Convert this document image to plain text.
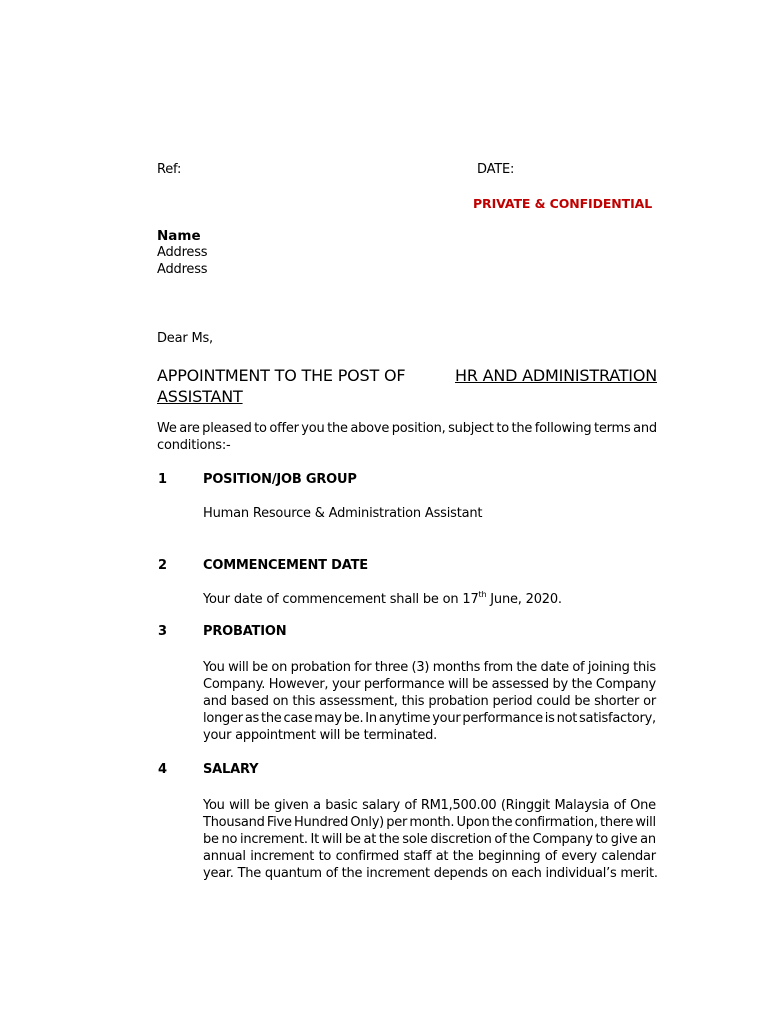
Ref:	DATE:
PRIVATE & CONFIDENTIAL
Name
Address
Address
Dear Ms,
APPOINTMENT TO THE POST OF	HR AND ADMINISTRATION
ASSISTANT
We are pleased to offer you the above position, subject to the following terms and
conditions:-
1	POSITION/JOB GROUP
Human Resource & Administration Assistant
2	COMMENCEMENT DATE
Your date of commencement shall be on 17th June, 2020.
3	PROBATION
You will be on probation for three (3) months from the date of joining this
Company. However, your performance will be assessed by the Company
and based on this assessment, this probation period could be shorter or
longer as the case may be. In anytime your performance is not satisfactory,
your appointment will be terminated.
4	SALARY
You will be given a basic salary of RM1,500.00 (Ringgit Malaysia of One
Thousand Five Hundred Only) per month. Upon the confirmation, there will
be no increment. It will be at the sole discretion of the Company to give an
annual increment to confirmed staff at the beginning of every calendar
year. The quantum of the increment depends on each individual’s merit.
